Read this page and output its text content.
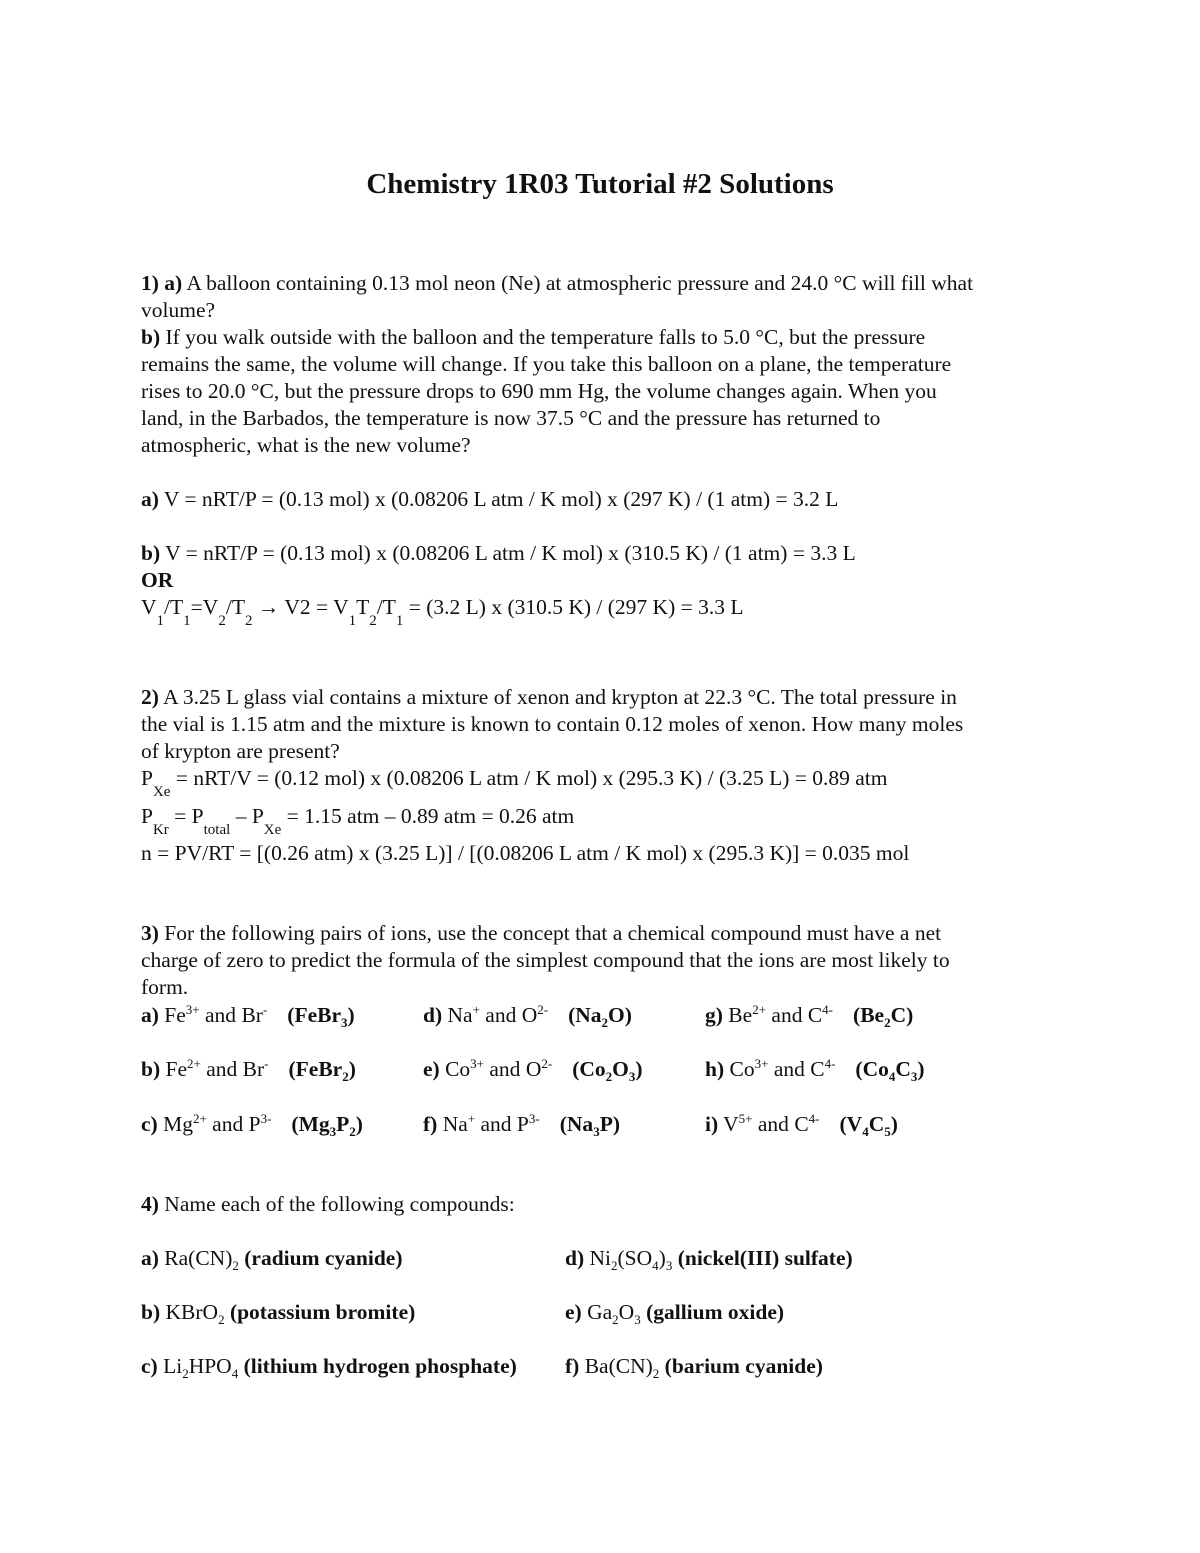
Chemistry 1R03 Tutorial #2 Solutions
1) a) A balloon containing 0.13 mol neon (Ne) at atmospheric pressure and 24.0 °C will fill what
volume?
b) If you walk outside with the balloon and the temperature falls to 5.0 °C, but the pressure
remains the same, the volume will change. If you take this balloon on a plane, the temperature
rises to 20.0 °C, but the pressure drops to 690 mm Hg, the volume changes again. When you
land, in the Barbados, the temperature is now 37.5 °C and the pressure has returned to
atmospheric, what is the new volume?
a) V = nRT/P = (0.13 mol) x (0.08206 L atm / K mol) x (297 K) / (1 atm) = 3.2 L
b) V = nRT/P = (0.13 mol) x (0.08206 L atm / K mol) x (310.5 K) / (1 atm) = 3.3 L
OR
$V_1/T_1=V_2/T_2 \to V2 = V_1T_2/T_1 = (3.2$ L) x (310.5 K) / (297 K) = 3.3 L
2) A 3.25 L glass vial contains a mixture of xenon and krypton at 22.3 °C. The total pressure in
the vial is 1.15 atm and the mixture is known to contain 0.12 moles of xenon. How many moles
of krypton are present?
$P_{Xe} = nRT/V = (0.12$ mol) x (0.08206 L atm / K mol) x (295.3 K) / (3.25 L) = 0.89 atm
$P_{Kr} = P_{total} - P_{Xe} = 1.15$ atm – 0.89 atm = 0.26 atm
n = PV/RT = [(0.26 atm) x (3.25 L)] / [(0.08206 L atm / K mol) x (295.3 K)] = 0.035 mol
3) For the following pairs of ions, use the concept that a chemical compound must have a net
charge of zero to predict the formula of the simplest compound that the ions are most likely to
form.
a) $Fe^{3+}$ and Br- (FeBr$_3$)	d) Na+ and $O^{2-}$ $(Na_2O)$	g) $Be^{2+}$ and $C^{4-}$ $(Be_2C)$
b) $Fe^{2+}$ and Br- (FeBr$_2$)	e) $Co^{3+}$ and $O^{2-}$ $(Co_2O_3)$	h) $Co^{3+}$ and $C^{4-}$ $(Co_4C_3)$
c) $Mg^{2+}$ and $P^{3-}$ $(Mg_3P_2)$	f) Na+ and $P^{3-}$ $(Na_3P)$	i) $V^{5+}$ and $C^{4-}$ $(V_4C_5)$
4) Name each of the following compounds:
a) $Ra(CN)_2$ (radium cyanide)	d) $Ni_2(SO_4)_3$ (nickel(III) sulfate)
b) KBrO$_2$ (potassium bromite)	e) $Ga_2O_3$ (gallium oxide)
c) $Li_2HPO_4$ (lithium hydrogen phosphate) f) $Ba(CN)_2$ (barium cyanide)
